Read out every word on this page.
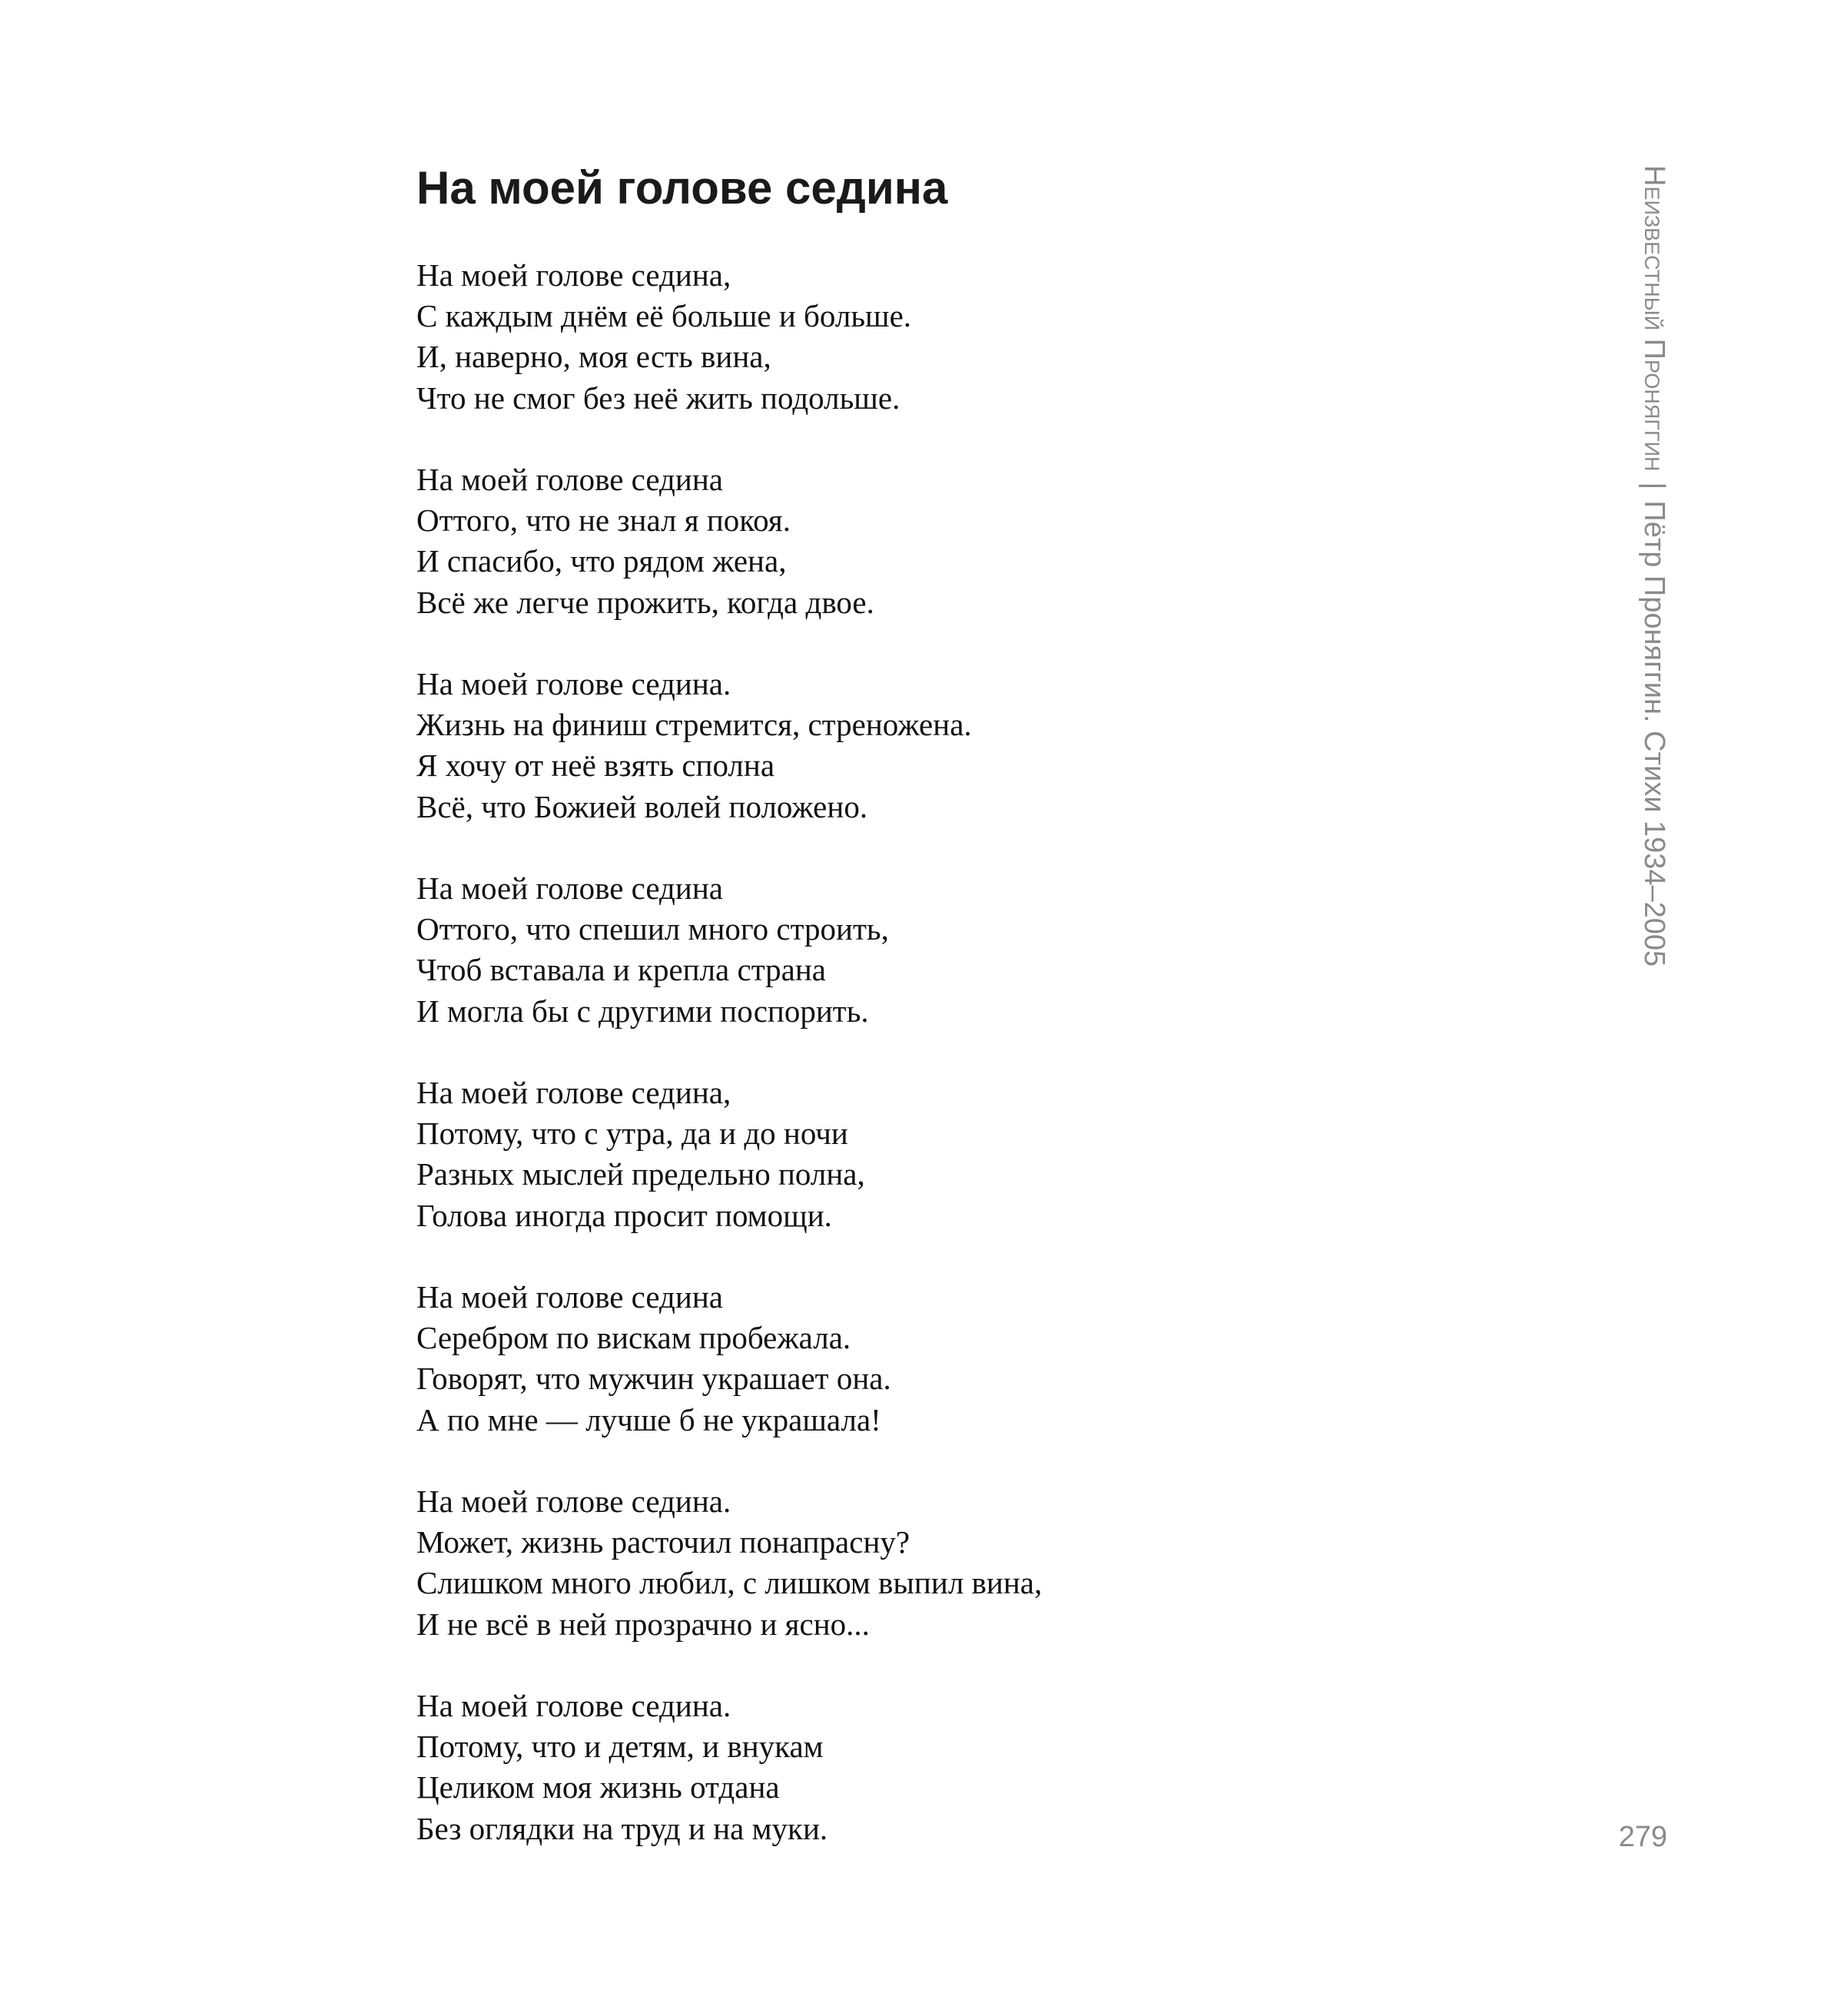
На моей голове седина

На моей голове седина,
С каждым днём её больше и больше.
И, наверно, моя есть вина,
Что не смог без неё жить подольше.

На моей голове седина
Оттого, что не знал я покоя.
И спасибо, что рядом жена,
Всё же легче прожить, когда двое.

На моей голове седина.
Жизнь на финиш стремится, стреножена.
Я хочу от неё взять сполна
Всё, что Божией волей положено.

На моей голове седина
Оттого, что спешил много строить,
Чтоб вставала и крепла страна
И могла бы с другими поспорить.

На моей голове седина,
Потому, что с утра, да и до ночи
Разных мыслей предельно полна,
Голова иногда просит помощи.

На моей голове седина
Серебром по вискам пробежала.
Говорят, что мужчин украшает она.
А по мне — лучше б не украшала!

На моей голове седина.
Может, жизнь расточил понапрасну?
Слишком много любил, с лишком выпил вина,
И не всё в ней прозрачно и ясно...

На моей голове седина.
Потому, что и детям, и внукам
Целиком моя жизнь отдана
Без оглядки на труд и на муки.

Неизвестный Проняггин|Пётр Проняггин. Стихи 1934–2005
279
